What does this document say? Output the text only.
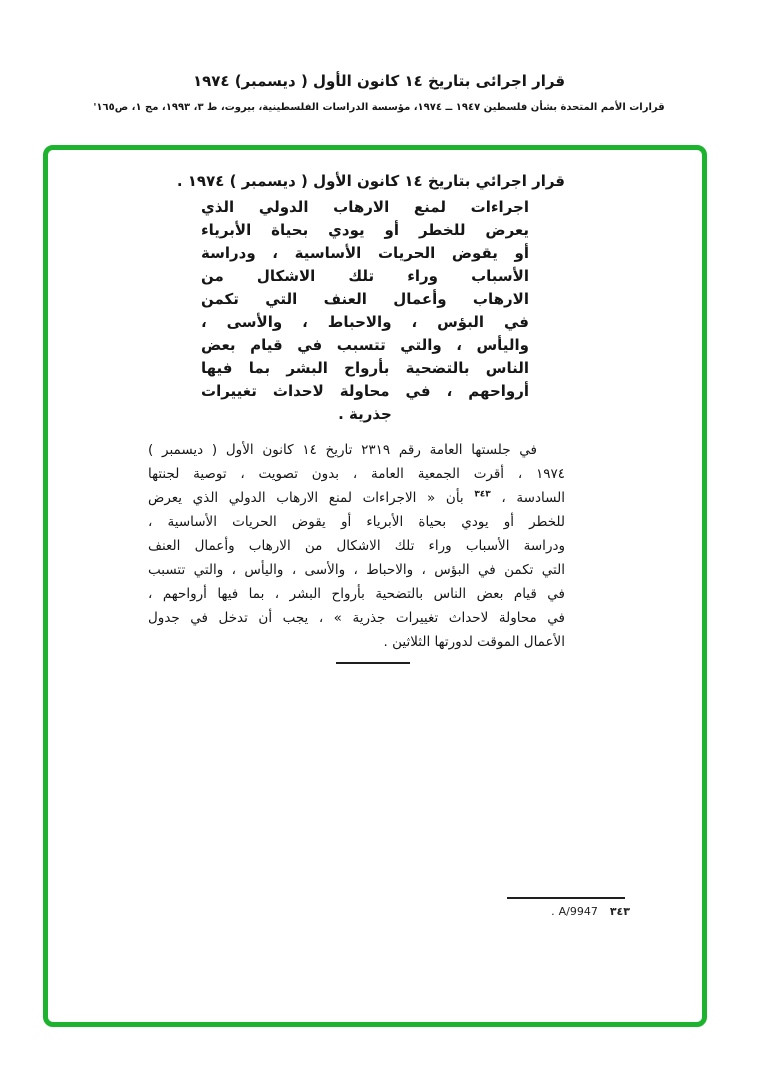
قرار اجرائى بتاريخ ١٤ كانون الأول ( ديسمبر) ١٩٧٤
قرارات الأمم المتحدة بشأن فلسطين ١٩٤٧ ــ ١٩٧٤، مؤسسة الدراسات الفلسطينية، بيروت، ط ٣، ١٩٩٣، مج ١، ص١٦٥'
قرار اجرائي بتاريخ ١٤ كانون الأول ( ديسمبر ) ١٩٧٤ .
اجراءات لمنع الارهاب الدولي الذي
يعرض للخطر أو يودي بحياة الأبرياء
أو يقوض الحريات الأساسية ، ودراسة
الأسباب وراء تلك الاشكال من
الارهاب وأعمال العنف التي تكمن
في البؤس ، والاحباط ، والأسى ،
واليأس ، والتي تتسبب في قيام بعض
الناس بالتضحية بأرواح البشر بما فيها
أرواحهم ، في محاولة لاحداث تغييرات
جذرية .
في جلستها العامة رقم ٢٣١٩ تاريخ ١٤ كانون الأول ( ديسمبر )
١٩٧٤ ، أقرت الجمعية العامة ، بدون تصويت ، توصية لجنتها
السادسة ، $^{٣٤٣}$ بأن « الاجراءات لمنع الارهاب الدولي الذي يعرض
للخطر أو يودي بحياة الأبرياء أو يقوض الحريات الأساسية ،
ودراسة الأسباب وراء تلك الاشكال من الارهاب وأعمال العنف
التي تكمن في البؤس ، والاحباط ، والأسى ، واليأس ، والتي تتسبب
في قيام بعض الناس بالتضحية بأرواح البشر ، بما فيها أرواحهم ،
في محاولة لاحداث تغييرات جذرية » ، يجب أن تدخل في جدول
الأعمال الموقت لدورتها الثلاثين .
٣٤٣A/9947.
